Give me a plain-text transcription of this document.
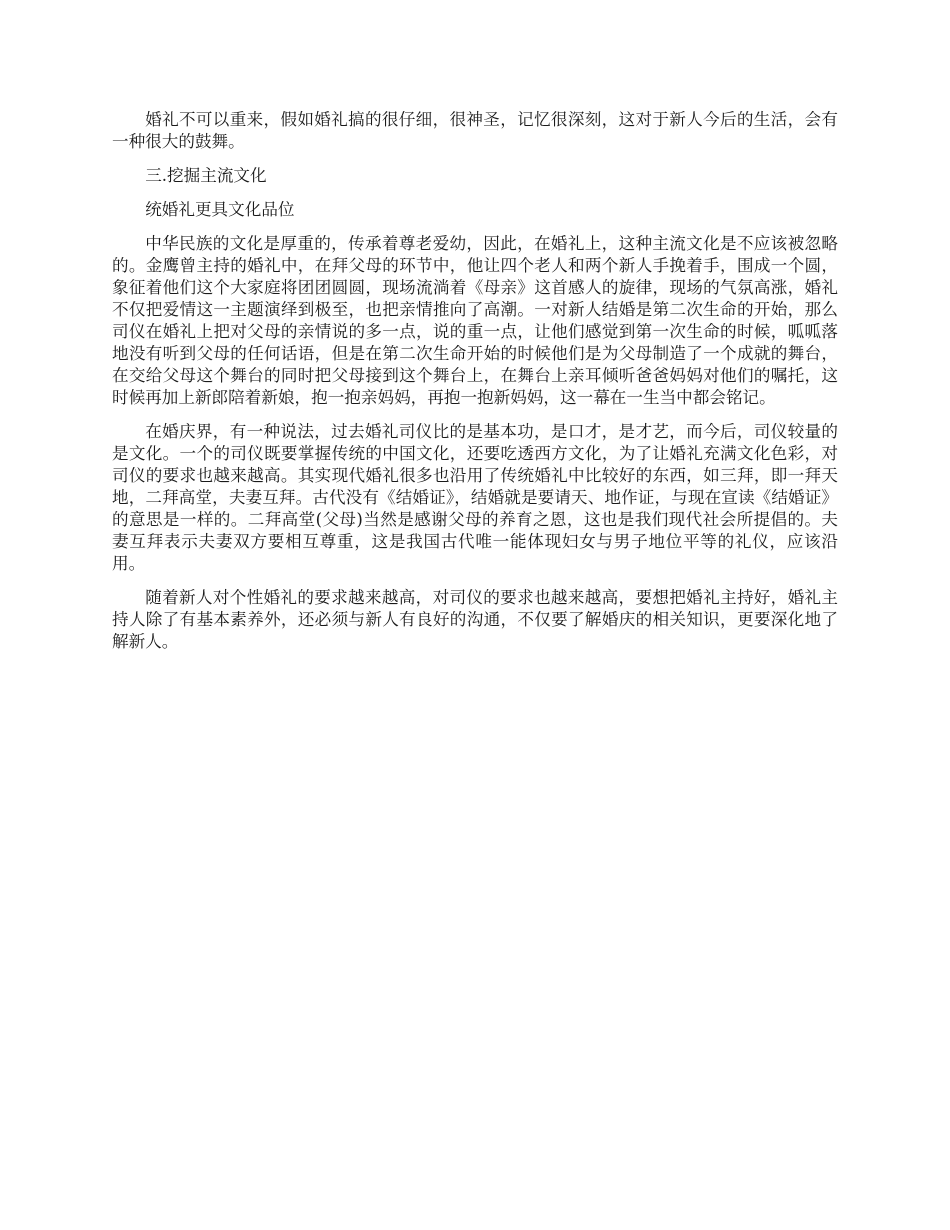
婚礼不可以重来，假如婚礼搞的很仔细，很神圣，记忆很深刻，这对于新人今后的生活，会有一种很大的鼓舞。

三.挖掘主流文化

统婚礼更具文化品位

中华民族的文化是厚重的，传承着尊老爱幼，因此，在婚礼上，这种主流文化是不应该被忽略的。金鹰曾主持的婚礼中，在拜父母的环节中，他让四个老人和两个新人手挽着手，围成一个圆，象征着他们这个大家庭将团团圆圆，现场流淌着《母亲》这首感人的旋律，现场的气氛高涨，婚礼不仅把爱情这一主题演绎到极至，也把亲情推向了高潮。一对新人结婚是第二次生命的开始，那么司仪在婚礼上把对父母的亲情说的多一点，说的重一点，让他们感觉到第一次生命的时候，呱呱落地没有听到父母的任何话语，但是在第二次生命开始的时候他们是为父母制造了一个成就的舞台，在交给父母这个舞台的同时把父母接到这个舞台上，在舞台上亲耳倾听爸爸妈妈对他们的嘱托，这时候再加上新郎陪着新娘，抱一抱亲妈妈，再抱一抱新妈妈，这一幕在一生当中都会铭记。

在婚庆界，有一种说法，过去婚礼司仪比的是基本功，是口才，是才艺，而今后，司仪较量的是文化。一个的司仪既要掌握传统的中国文化，还要吃透西方文化，为了让婚礼充满文化色彩，对司仪的要求也越来越高。其实现代婚礼很多也沿用了传统婚礼中比较好的东西，如三拜，即一拜天地，二拜高堂，夫妻互拜。古代没有《结婚证》，结婚就是要请天、地作证，与现在宣读《结婚证》的意思是一样的。二拜高堂(父母)当然是感谢父母的养育之恩，这也是我们现代社会所提倡的。夫妻互拜表示夫妻双方要相互尊重，这是我国古代唯一能体现妇女与男子地位平等的礼仪，应该沿用。

随着新人对个性婚礼的要求越来越高，对司仪的要求也越来越高，要想把婚礼主持好，婚礼主持人除了有基本素养外，还必须与新人有良好的沟通，不仅要了解婚庆的相关知识，更要深化地了解新人。
